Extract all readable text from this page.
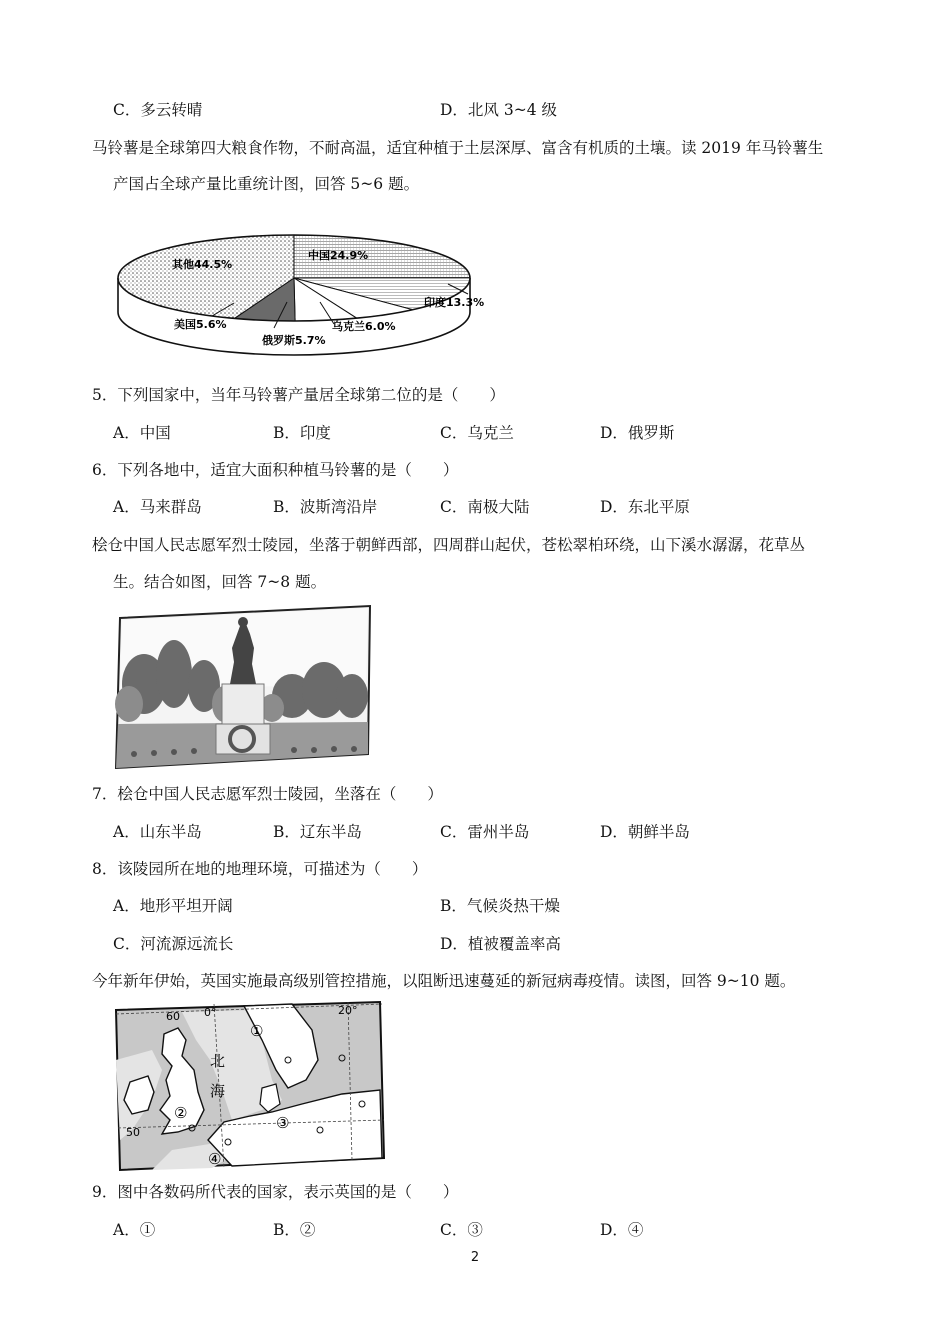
C．多云转晴	D．北风 3~4 级
马铃薯是全球第四大粮食作物，不耐高温，适宜种植于土层深厚、富含有机质的土壤。读 2019 年马铃薯生
产国占全球产量比重统计图，回答 5~6 题。
其他44.5%
中国24.9%
印度13.3%
乌克兰6.0%
俄罗斯5.7%
美国5.6%
5．下列国家中，当年马铃薯产量居全球第二位的是（　　）
A．中国	B．印度	C．乌克兰	D．俄罗斯
6．下列各地中，适宜大面积种植马铃薯的是（　　）
A．马来群岛	B．波斯湾沿岸	C．南极大陆	D．东北平原
桧仓中国人民志愿军烈士陵园，坐落于朝鲜西部，四周群山起伏，苍松翠柏环绕，山下溪水潺潺，花草丛
生。结合如图，回答 7~8 题。
7．桧仓中国人民志愿军烈士陵园，坐落在（　　）
A．山东半岛	B．辽东半岛	C．雷州半岛	D．朝鲜半岛
8．该陵园所在地的地理环境，可描述为（　　）
A．地形平坦开阔	B．气候炎热干燥
C．河流源远流长	D．植被覆盖率高
今年新年伊始，英国实施最高级别管控措施，以阻断迅速蔓延的新冠病毒疫情。读图，回答 9~10 题。
60
50
0°	20°
北
海
①
②
③
④
9．图中各数码所代表的国家，表示英国的是（　　）
A．①	B．②	C．③	D．④
2
